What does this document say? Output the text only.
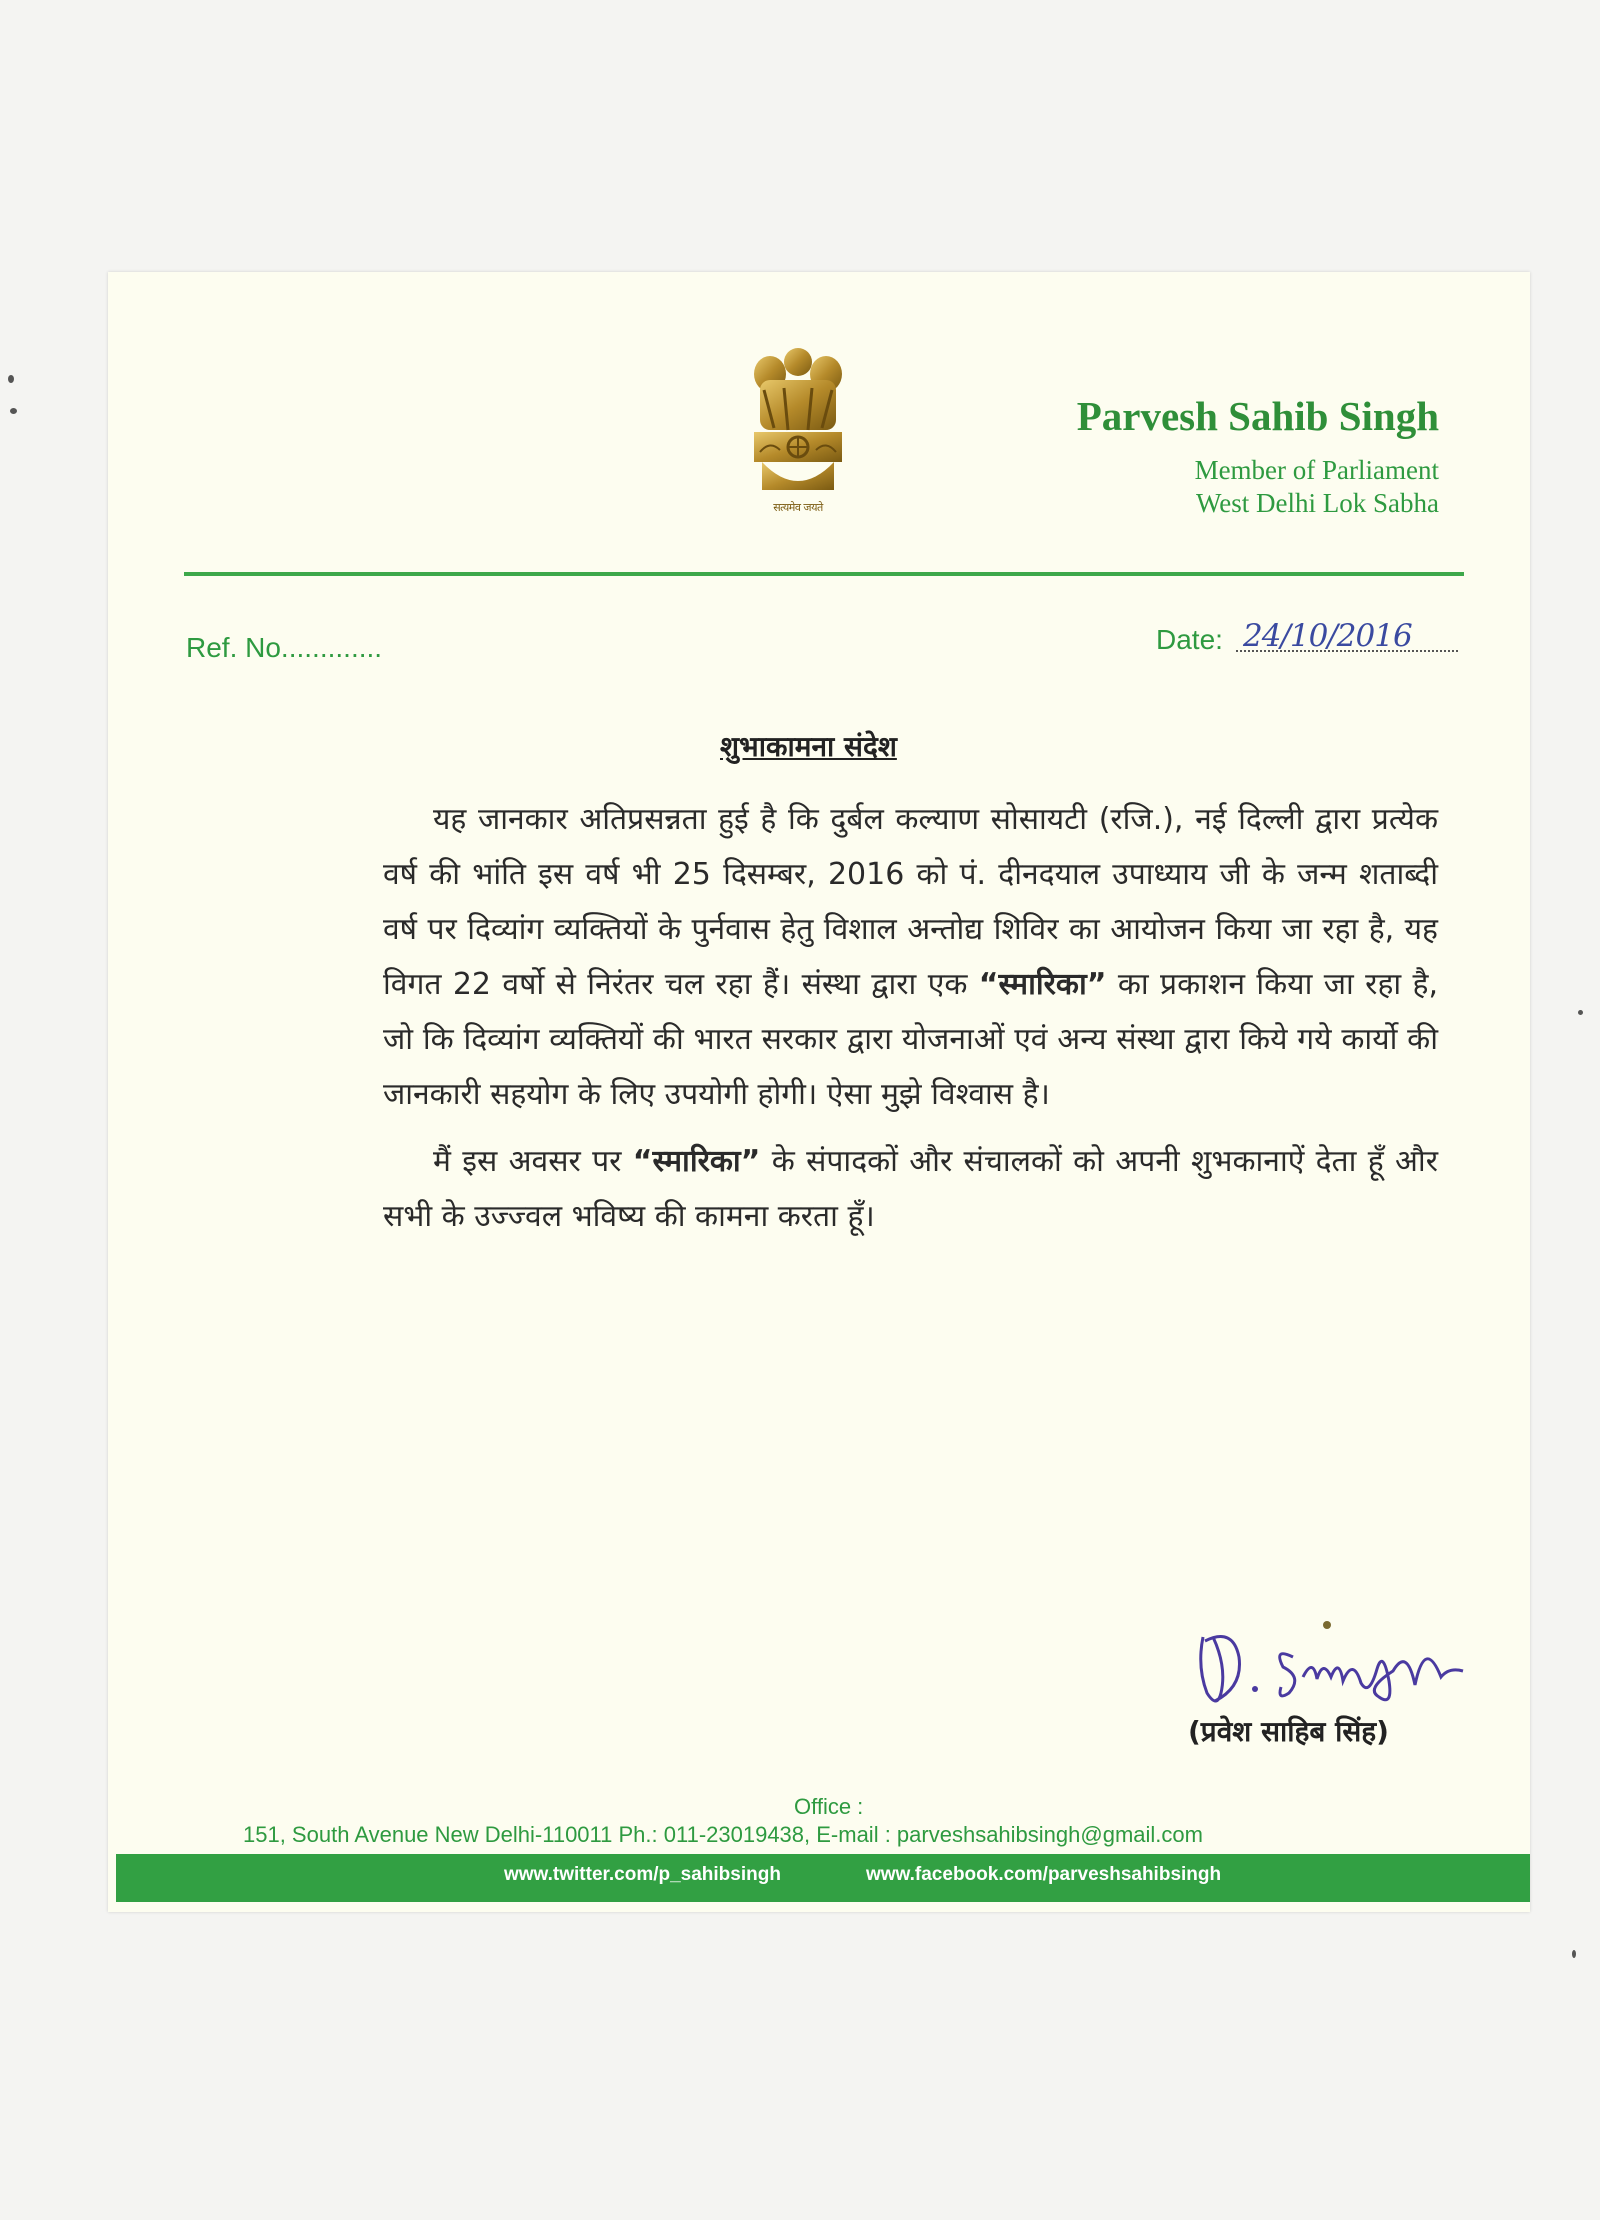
सत्यमेव जयते
Parvesh Sahib Singh
Member of Parliament
West Delhi Lok Sabha
Ref. No.............	Date: 24/10/2016
शुभाकामना संदेश

यह जानकार अतिप्रसन्नता हुई है कि दुर्बल कल्याण सोसायटी (रजि.), नई दिल्ली द्वारा प्रत्येक वर्ष की भांति इस वर्ष भी 25 दिसम्बर, 2016 को पं. दीनदयाल उपाध्याय जी के जन्म शताब्दी वर्ष पर दिव्यांग व्यक्तियों के पुर्नवास हेतु विशाल अन्तोद्य शिविर का आयोजन किया जा रहा है, यह विगत 22 वर्षो से निरंतर चल रहा हैं। संस्था द्वारा एक “स्मारिका” का प्रकाशन किया जा रहा है, जो कि दिव्यांग व्यक्तियों की भारत सरकार द्वारा योजनाओं एवं अन्य संस्था द्वारा किये गये कार्यो की जानकारी सहयोग के लिए उपयोगी होगी। ऐसा मुझे विश्वास है।

मैं इस अवसर पर “स्मारिका” के संपादकों और संचालकों को अपनी शुभकानाऐं देता हूँ और सभी के उज्ज्वल भविष्य की कामना करता हूँ।

(प्रवेश साहिब सिंह)
Office :
151, South Avenue New Delhi-110011 Ph.: 011-23019438, E-mail : parveshsahibsingh@gmail.com
www.twitter.com/p_sahibsingh	www.facebook.com/parveshsahibsingh
